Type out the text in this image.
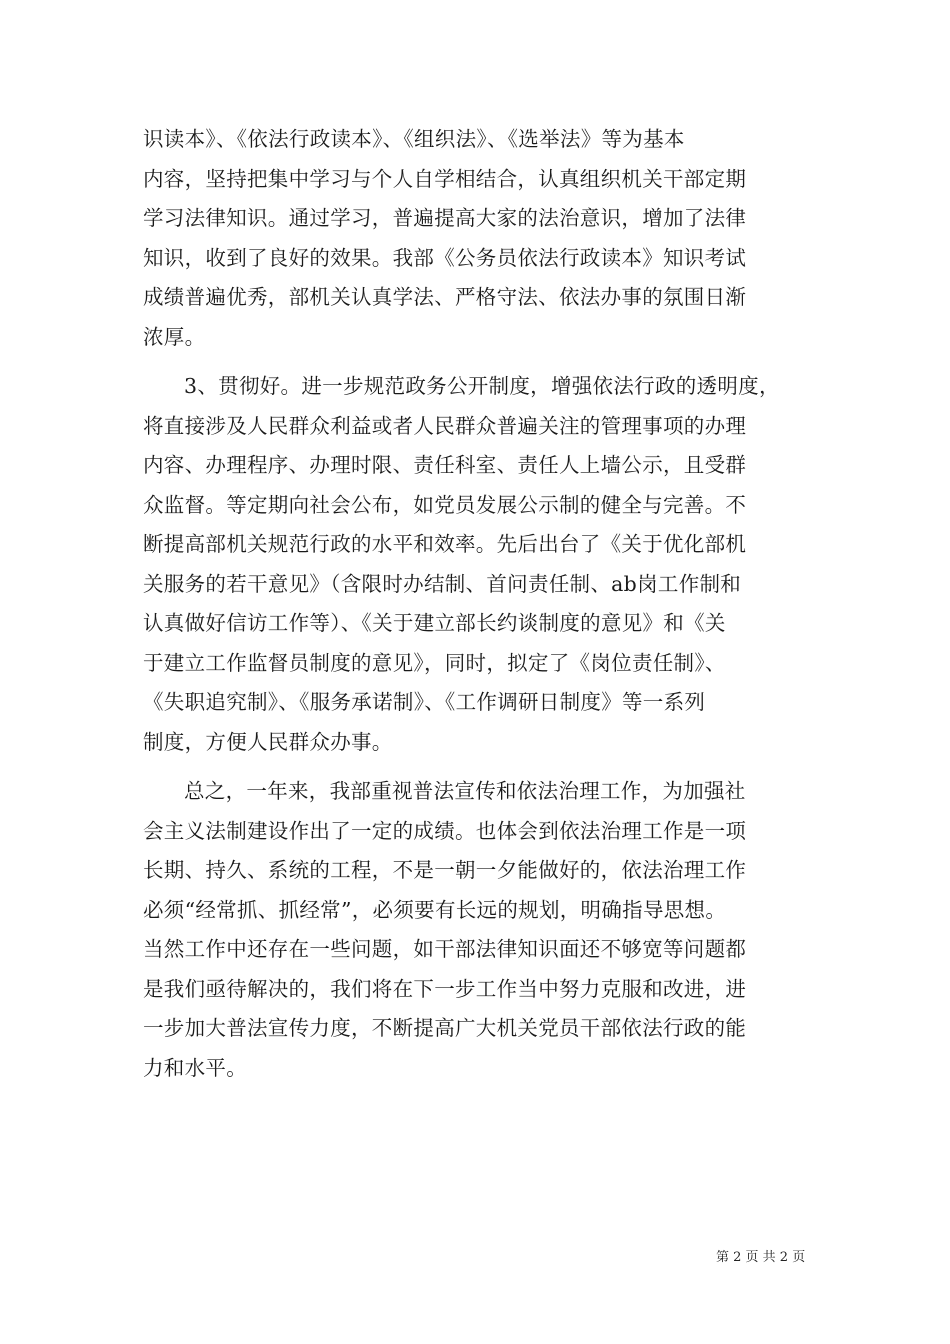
识读本》、《依法行政读本》、《组织法》、《选举法》等为基本
内容，坚持把集中学习与个人自学相结合，认真组织机关干部定期
学习法律知识。通过学习，普遍提高大家的法治意识，增加了法律
知识，收到了良好的效果。我部《公务员依法行政读本》知识考试
成绩普遍优秀，部机关认真学法、严格守法、依法办事的氛围日渐
浓厚。
3、贯彻好。进一步规范政务公开制度，增强依法行政的透明度，
将直接涉及人民群众利益或者人民群众普遍关注的管理事项的办理
内容、办理程序、办理时限、责任科室、责任人上墙公示，且受群
众监督。等定期向社会公布，如党员发展公示制的健全与完善。不
断提高部机关规范行政的水平和效率。先后出台了《关于优化部机
关服务的若干意见》（含限时办结制、首问责任制、ab岗工作制和
认真做好信访工作等）、《关于建立部长约谈制度的意见》和《关
于建立工作监督员制度的意见》，同时，拟定了《岗位责任制》、
《失职追究制》、《服务承诺制》、《工作调研日制度》等一系列
制度，方便人民群众办事。
总之，一年来，我部重视普法宣传和依法治理工作，为加强社
会主义法制建设作出了一定的成绩。也体会到依法治理工作是一项
长期、持久、系统的工程，不是一朝一夕能做好的，依法治理工作
必须“经常抓、抓经常”，必须要有长远的规划，明确指导思想。
当然工作中还存在一些问题，如干部法律知识面还不够宽等问题都
是我们亟待解决的，我们将在下一步工作当中努力克服和改进，进
一步加大普法宣传力度，不断提高广大机关党员干部依法行政的能
力和水平。
第 2 页 共 2 页
